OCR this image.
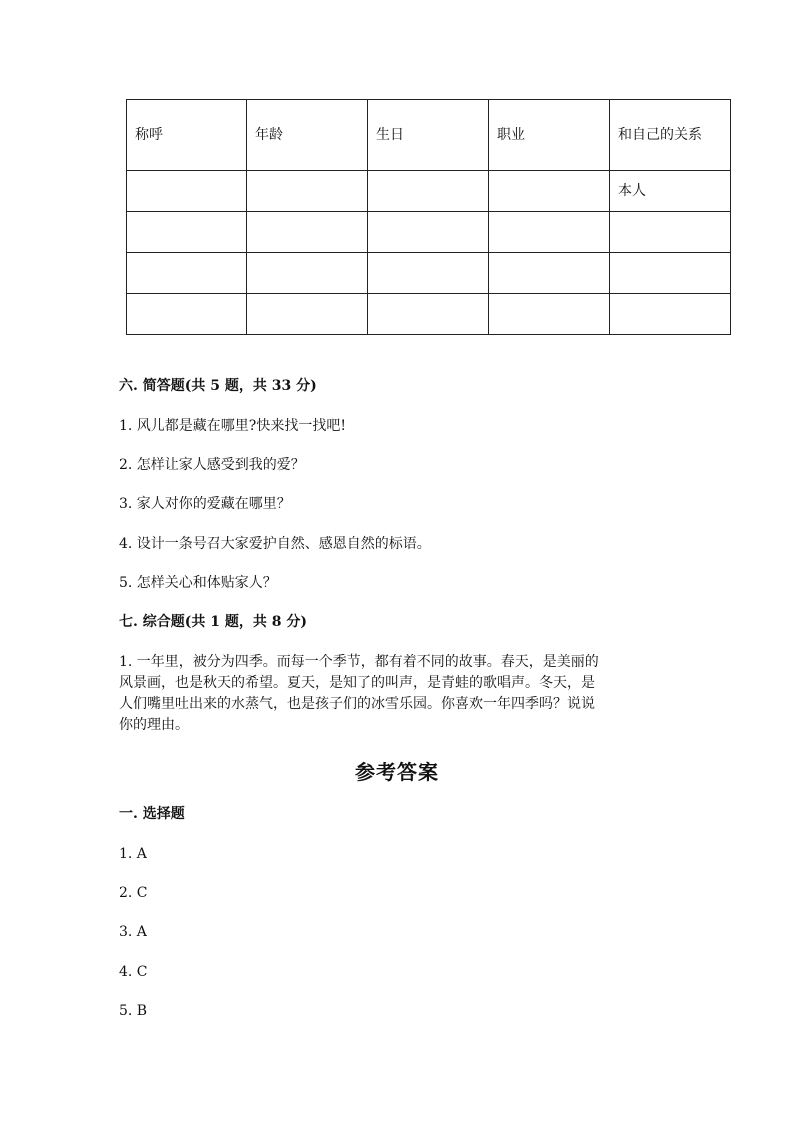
称呼	年龄	生日	职业	和自己的关系
				本人

六. 简答题(共 5 题，共 33 分)
1. 风儿都是藏在哪里?快来找一找吧!
2. 怎样让家人感受到我的爱？
3. 家人对你的爱藏在哪里？
4. 设计一条号召大家爱护自然、感恩自然的标语。
5. 怎样关心和体贴家人？
七. 综合题(共 1 题，共 8 分)

1. 一年里，被分为四季。而每一个季节，都有着不同的故事。春天，是美丽的

风景画，也是秋天的希望。夏天，是知了的叫声，是青蛙的歌唱声。冬天，是

人们嘴里吐出来的水蒸气，也是孩子们的冰雪乐园。你喜欢一年四季吗？说说

你的理由。

参考答案
一. 选择题
1. A
2. C
3. A
4. C
5. B
